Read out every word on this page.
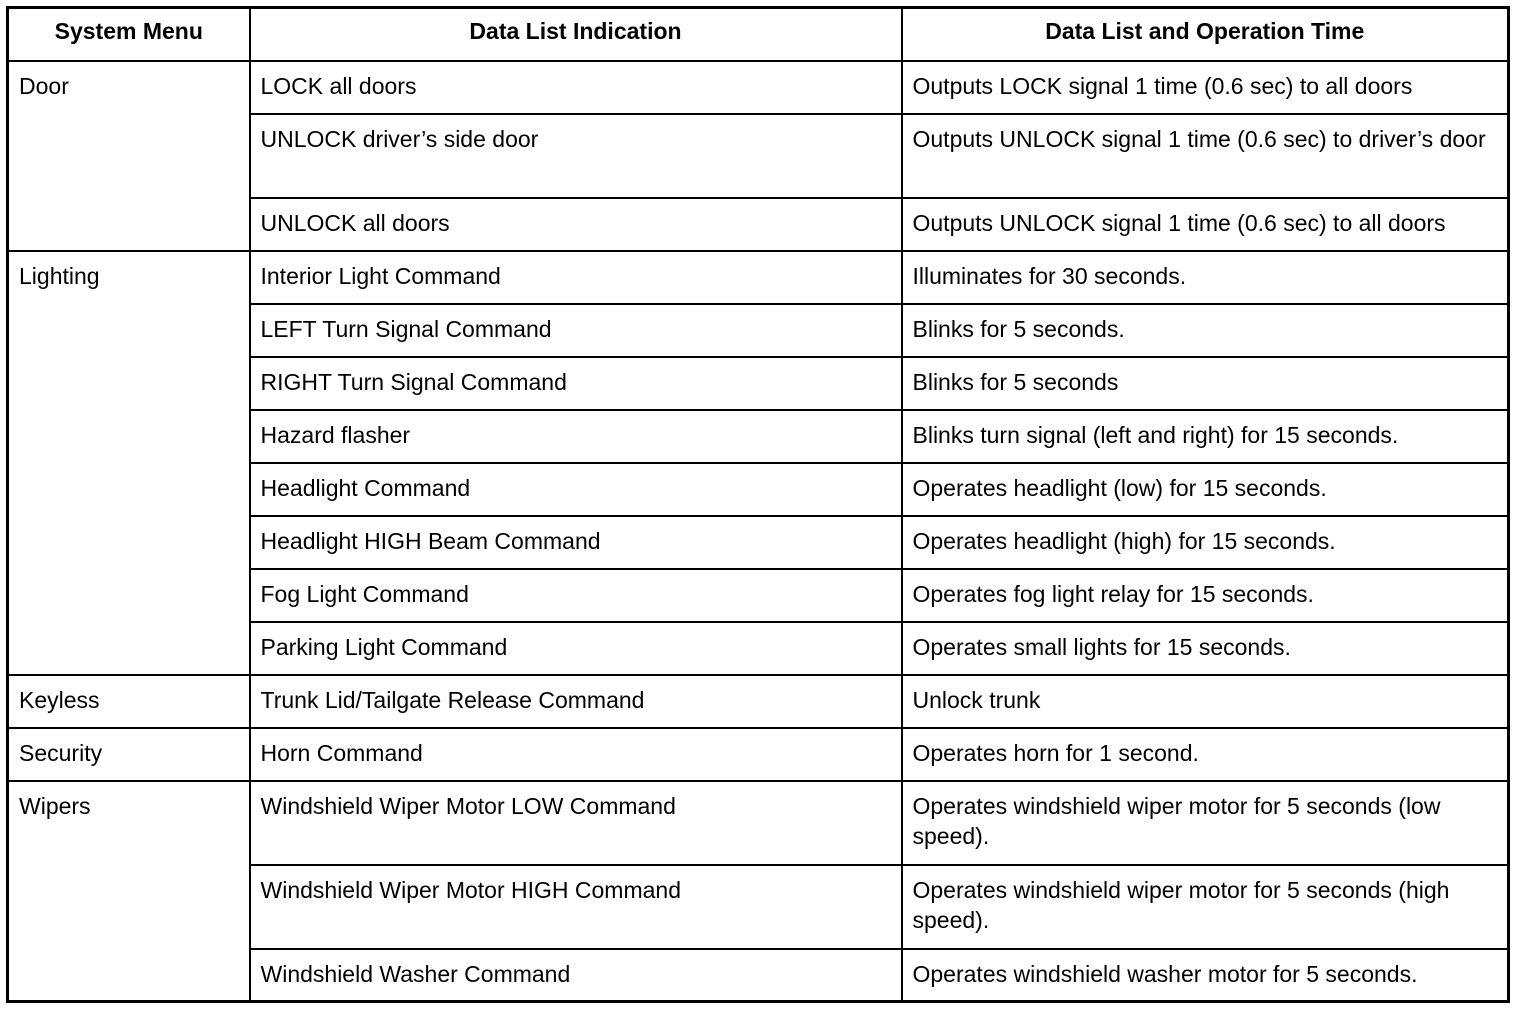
System Menu	Data List Indication	Data List and Operation Time
Door	LOCK all doors	Outputs LOCK signal 1 time (0.6 sec) to all doors
	UNLOCK driver’s side door	Outputs UNLOCK signal 1 time (0.6 sec) to driver’s door
	UNLOCK all doors	Outputs UNLOCK signal 1 time (0.6 sec) to all doors
Lighting	Interior Light Command	Illuminates for 30 seconds.
	LEFT Turn Signal Command	Blinks for 5 seconds.
	RIGHT Turn Signal Command	Blinks for 5 seconds
	Hazard flasher	Blinks turn signal (left and right) for 15 seconds.
	Headlight Command	Operates headlight (low) for 15 seconds.
	Headlight HIGH Beam Command	Operates headlight (high) for 15 seconds.
	Fog Light Command	Operates fog light relay for 15 seconds.
	Parking Light Command	Operates small lights for 15 seconds.
Keyless	Trunk Lid/Tailgate Release Command	Unlock trunk
Security	Horn Command	Operates horn for 1 second.
Wipers	Windshield Wiper Motor LOW Command	Operates windshield wiper motor for 5 seconds (low speed).
	Windshield Wiper Motor HIGH Command	Operates windshield wiper motor for 5 seconds (high speed).
	Windshield Washer Command	Operates windshield washer motor for 5 seconds.
